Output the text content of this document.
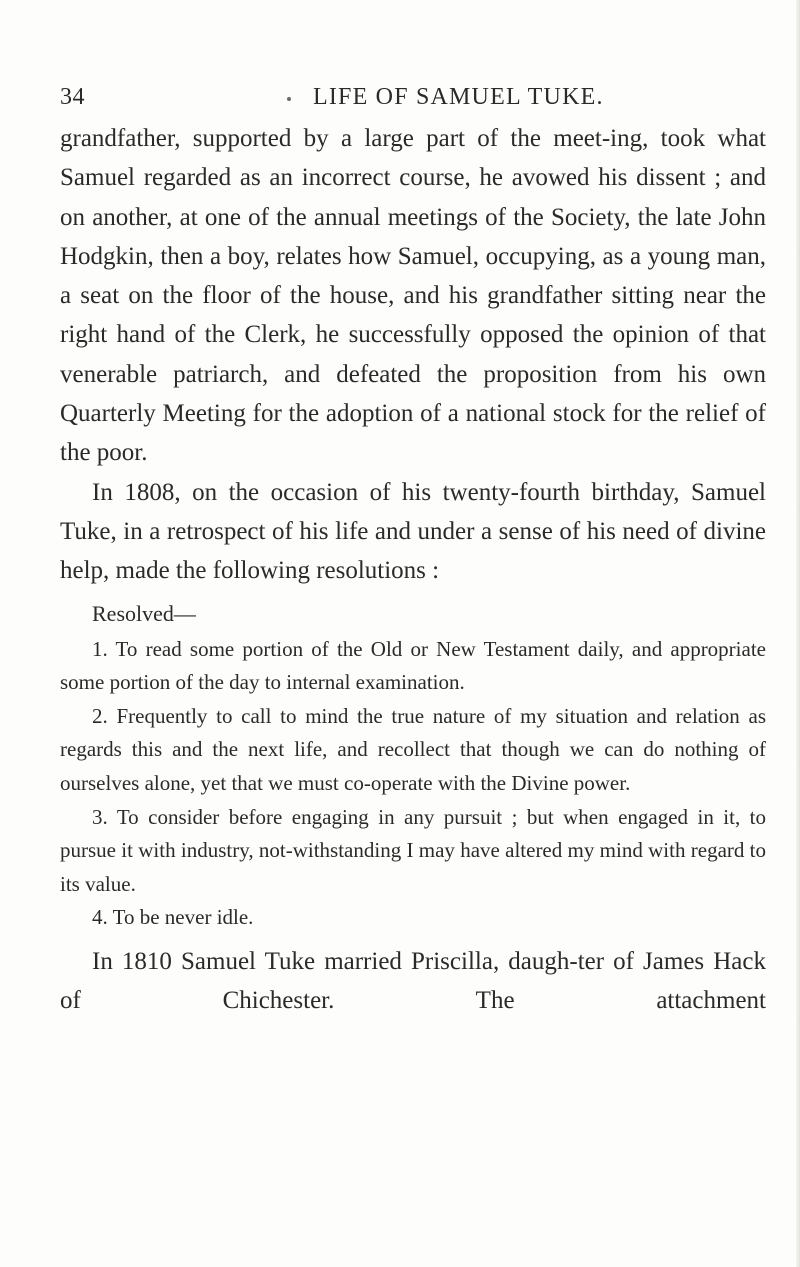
34	LIFE OF SAMUEL TUKE.

grandfather, supported by a large part of the meet-ing, took what Samuel regarded as an incorrect course, he avowed his dissent ; and on another, at one of the annual meetings of the Society, the late John Hodgkin, then a boy, relates how Samuel, occupying, as a young man, a seat on the floor of the house, and his grandfather sitting near the right hand of the Clerk, he successfully opposed the opinion of that venerable patriarch, and defeated the proposition from his own Quarterly Meeting for the adoption of a national stock for the relief of the poor.

In 1808, on the occasion of his twenty-fourth birthday, Samuel Tuke, in a retrospect of his life and under a sense of his need of divine help, made the following resolutions :

Resolved—

1. To read some portion of the Old or New Testament daily, and appropriate some portion of the day to internal examination.

2. Frequently to call to mind the true nature of my situation and relation as regards this and the next life, and recollect that though we can do nothing of ourselves alone, yet that we must co-operate with the Divine power.

3. To consider before engaging in any pursuit ; but when engaged in it, to pursue it with industry, not-withstanding I may have altered my mind with regard to its value.

4. To be never idle.

In 1810 Samuel Tuke married Priscilla, daugh-ter of James Hack of Chichester. The attachment
